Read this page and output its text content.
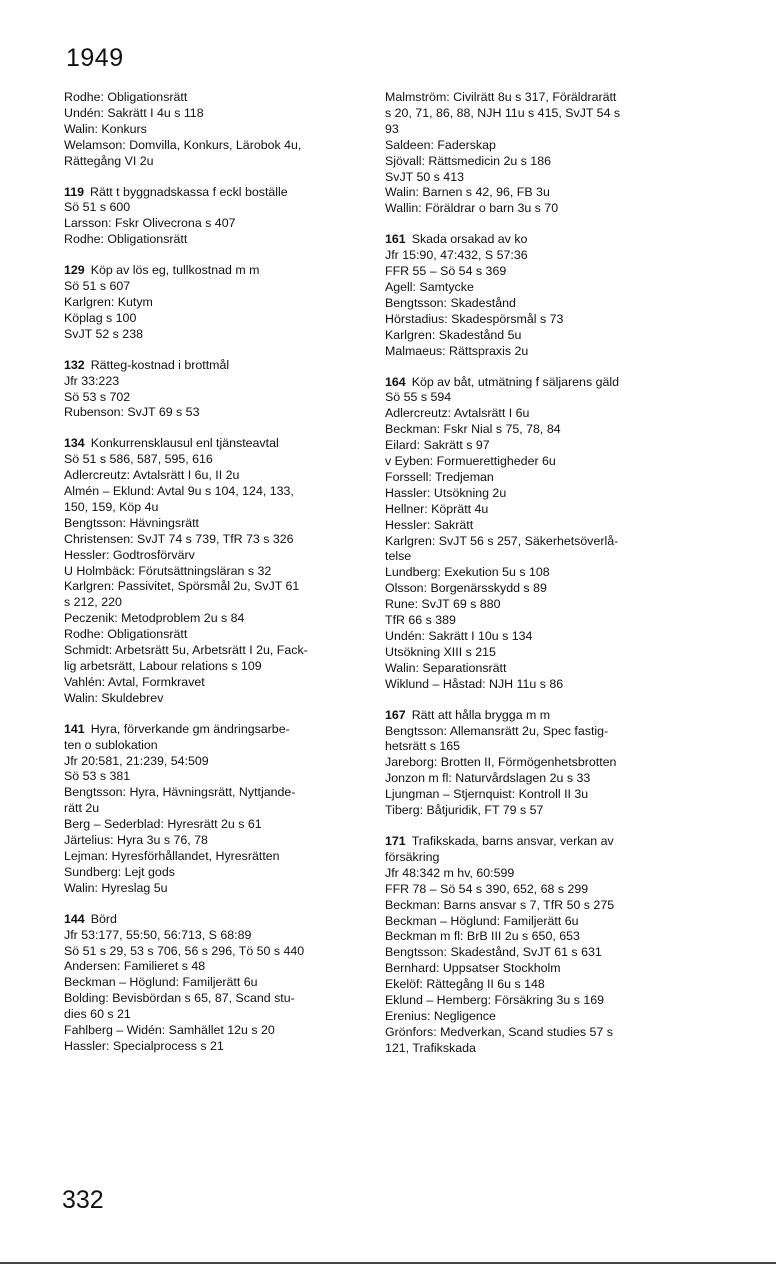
1949
Rodhe: Obligationsrätt
Undén: Sakrätt I 4u s 118
Walin: Konkurs
Welamson: Domvilla, Konkurs, Lärobok 4u,
Rättegång VI 2u
119 Rätt t byggnadskassa f eckl boställe
Sö 51 s 600
Larsson: Fskr Olivecrona s 407
Rodhe: Obligationsrätt
129 Köp av lös eg, tullkostnad m m
Sö 51 s 607
Karlgren: Kutym
Köplag s 100
SvJT 52 s 238
132 Rätteg-kostnad i brottmål
Jfr 33:223
Sö 53 s 702
Rubenson: SvJT 69 s 53
134 Konkurrensklausul enl tjänsteavtal
Sö 51 s 586, 587, 595, 616
Adlercreutz: Avtalsrätt I 6u, II 2u
Almén – Eklund: Avtal 9u s 104, 124, 133,
150, 159, Köp 4u
Bengtsson: Hävningsrätt
Christensen: SvJT 74 s 739, TfR 73 s 326
Hessler: Godtrosförvärv
U Holmbäck: Förutsättningsläran s 32
Karlgren: Passivitet, Spörsmål 2u, SvJT 61
s 212, 220
Peczenik: Metodproblem 2u s 84
Rodhe: Obligationsrätt
Schmidt: Arbetsrätt 5u, Arbetsrätt I 2u, Fack-
lig arbetsrätt, Labour relations s 109
Vahlén: Avtal, Formkravet
Walin: Skuldebrev
141 Hyra, förverkande gm ändringsarbe-
ten o sublokation
Jfr 20:581, 21:239, 54:509
Sö 53 s 381
Bengtsson: Hyra, Hävningsrätt, Nyttjande-
rätt 2u
Berg – Sederblad: Hyresrätt 2u s 61
Järtelius: Hyra 3u s 76, 78
Lejman: Hyresförhållandet, Hyresrätten
Sundberg: Lejt gods
Walin: Hyreslag 5u
144 Börd
Jfr 53:177, 55:50, 56:713, S 68:89
Sö 51 s 29, 53 s 706, 56 s 296, Tö 50 s 440
Andersen: Familieret s 48
Beckman – Höglund: Familjerätt 6u
Bolding: Bevisbördan s 65, 87, Scand stu-
dies 60 s 21
Fahlberg – Widén: Samhället 12u s 20
Hassler: Specialprocess s 21
Malmström: Civilrätt 8u s 317, Föräldrarätt
s 20, 71, 86, 88, NJH 11u s 415, SvJT 54 s
93
Saldeen: Faderskap
Sjövall: Rättsmedicin 2u s 186
SvJT 50 s 413
Walin: Barnen s 42, 96, FB 3u
Wallin: Föräldrar o barn 3u s 70
161 Skada orsakad av ko
Jfr 15:90, 47:432, S 57:36
FFR 55 – Sö 54 s 369
Agell: Samtycke
Bengtsson: Skadestånd
Hörstadius: Skadespörsmål s 73
Karlgren: Skadestånd 5u
Malmaeus: Rättspraxis 2u
164 Köp av båt, utmätning f säljarens gäld
Sö 55 s 594
Adlercreutz: Avtalsrätt I 6u
Beckman: Fskr Nial s 75, 78, 84
Eilard: Sakrätt s 97
v Eyben: Formuerettigheder 6u
Forssell: Tredjeman
Hassler: Utsökning 2u
Hellner: Köprätt 4u
Hessler: Sakrätt
Karlgren: SvJT 56 s 257, Säkerhetsöverlå-
telse
Lundberg: Exekution 5u s 108
Olsson: Borgenärsskydd s 89
Rune: SvJT 69 s 880
TfR 66 s 389
Undén: Sakrätt I 10u s 134
Utsökning XIII s 215
Walin: Separationsrätt
Wiklund – Håstad: NJH 11u s 86
167 Rätt att hålla brygga m m
Bengtsson: Allemansrätt 2u, Spec fastig-
hetsrätt s 165
Jareborg: Brotten II, Förmögenhetsbrotten
Jonzon m fl: Naturvårdslagen 2u s 33
Ljungman – Stjernquist: Kontroll II 3u
Tiberg: Båtjuridik, FT 79 s 57
171 Trafikskada, barns ansvar, verkan av
försäkring
Jfr 48:342 m hv, 60:599
FFR 78 – Sö 54 s 390, 652, 68 s 299
Beckman: Barns ansvar s 7, TfR 50 s 275
Beckman – Höglund: Familjerätt 6u
Beckman m fl: BrB III 2u s 650, 653
Bengtsson: Skadestånd, SvJT 61 s 631
Bernhard: Uppsatser Stockholm
Ekelöf: Rättegång II 6u s 148
Eklund – Hemberg: Försäkring 3u s 169
Erenius: Negligence
Grönfors: Medverkan, Scand studies 57 s
121, Trafikskada
332
